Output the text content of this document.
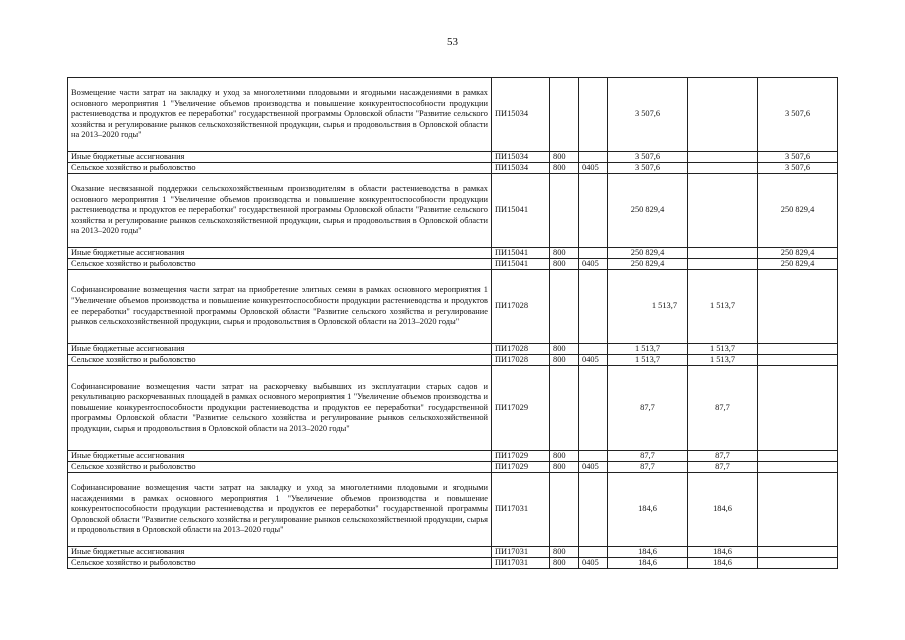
53
Возмещение части затрат на закладку и уход за многолетними плодовыми и ягодными насаждениями в рамках основного мероприятия 1 "Увеличение объемов производства и повышение конкурентоспособности продукции растениеводства и продуктов ее переработки" государственной программы Орловской области "Развитие сельского хозяйства и регулирование рынков сельскохозяйственной продукции, сырья и продовольствия в Орловской области на 2013–2020 годы"	ПИ15034			3 507,6		3 507,6
Иные бюджетные ассигнования	ПИ15034	800		3 507,6		3 507,6
Сельское хозяйство и рыболовство	ПИ15034	800	0405	3 507,6		3 507,6
Оказание несвязанной поддержки сельскохозяйственным производителям в области растениеводства в рамках основного мероприятия 1 "Увеличение объемов производства и повышение конкурентоспособности продукции растениеводства и продуктов ее переработки" государственной программы Орловской области "Развитие сельского хозяйства и регулирование рынков сельскохозяйственной продукции, сырья и продовольствия в Орловской области на 2013–2020 годы"	ПИ15041			250 829,4		250 829,4
Иные бюджетные ассигнования	ПИ15041	800		250 829,4		250 829,4
Сельское хозяйство и рыболовство	ПИ15041	800	0405	250 829,4		250 829,4
Софинансирование возмещения части затрат на приобретение элитных семян в рамках основного мероприятия 1 "Увеличение объемов производства и повышение конкурентоспособности продукции растениеводства и продуктов ее переработки" государственной программы Орловской области "Развитие сельского хозяйства и регулирование рынков сельскохозяйственной продукции, сырья и продовольствия в Орловской области на 2013–2020 годы"	ПИ17028			1 513,7	1 513,7	
Иные бюджетные ассигнования	ПИ17028	800		1 513,7	1 513,7	
Сельское хозяйство и рыболовство	ПИ17028	800	0405	1 513,7	1 513,7	
Софинансирование возмещения части затрат на раскорчевку выбывших из эксплуатации старых садов и рекультивацию раскорчеванных площадей в рамках основного мероприятия 1 "Увеличение объемов производства и повышение конкурентоспособности продукции растениеводства и продуктов ее переработки" государственной программы Орловской области "Развитие сельского хозяйства и регулирование рынков сельскохозяйственной продукции, сырья и продовольствия в Орловской области на 2013–2020 годы"	ПИ17029			87,7	87,7	
Иные бюджетные ассигнования	ПИ17029	800		87,7	87,7	
Сельское хозяйство и рыболовство	ПИ17029	800	0405	87,7	87,7	
Софинансирование возмещения части затрат на закладку и уход за многолетними плодовыми и ягодными насаждениями в рамках основного мероприятия 1 "Увеличение объемов производства и повышение конкурентоспособности продукции растениеводства и продуктов ее переработки" государственной программы Орловской области "Развитие сельского хозяйства и регулирование рынков сельскохозяйственной продукции, сырья и продовольствия в Орловской области на 2013–2020 годы"	ПИ17031			184,6	184,6	
Иные бюджетные ассигнования	ПИ17031	800		184,6	184,6	
Сельское хозяйство и рыболовство	ПИ17031	800	0405	184,6	184,6	
